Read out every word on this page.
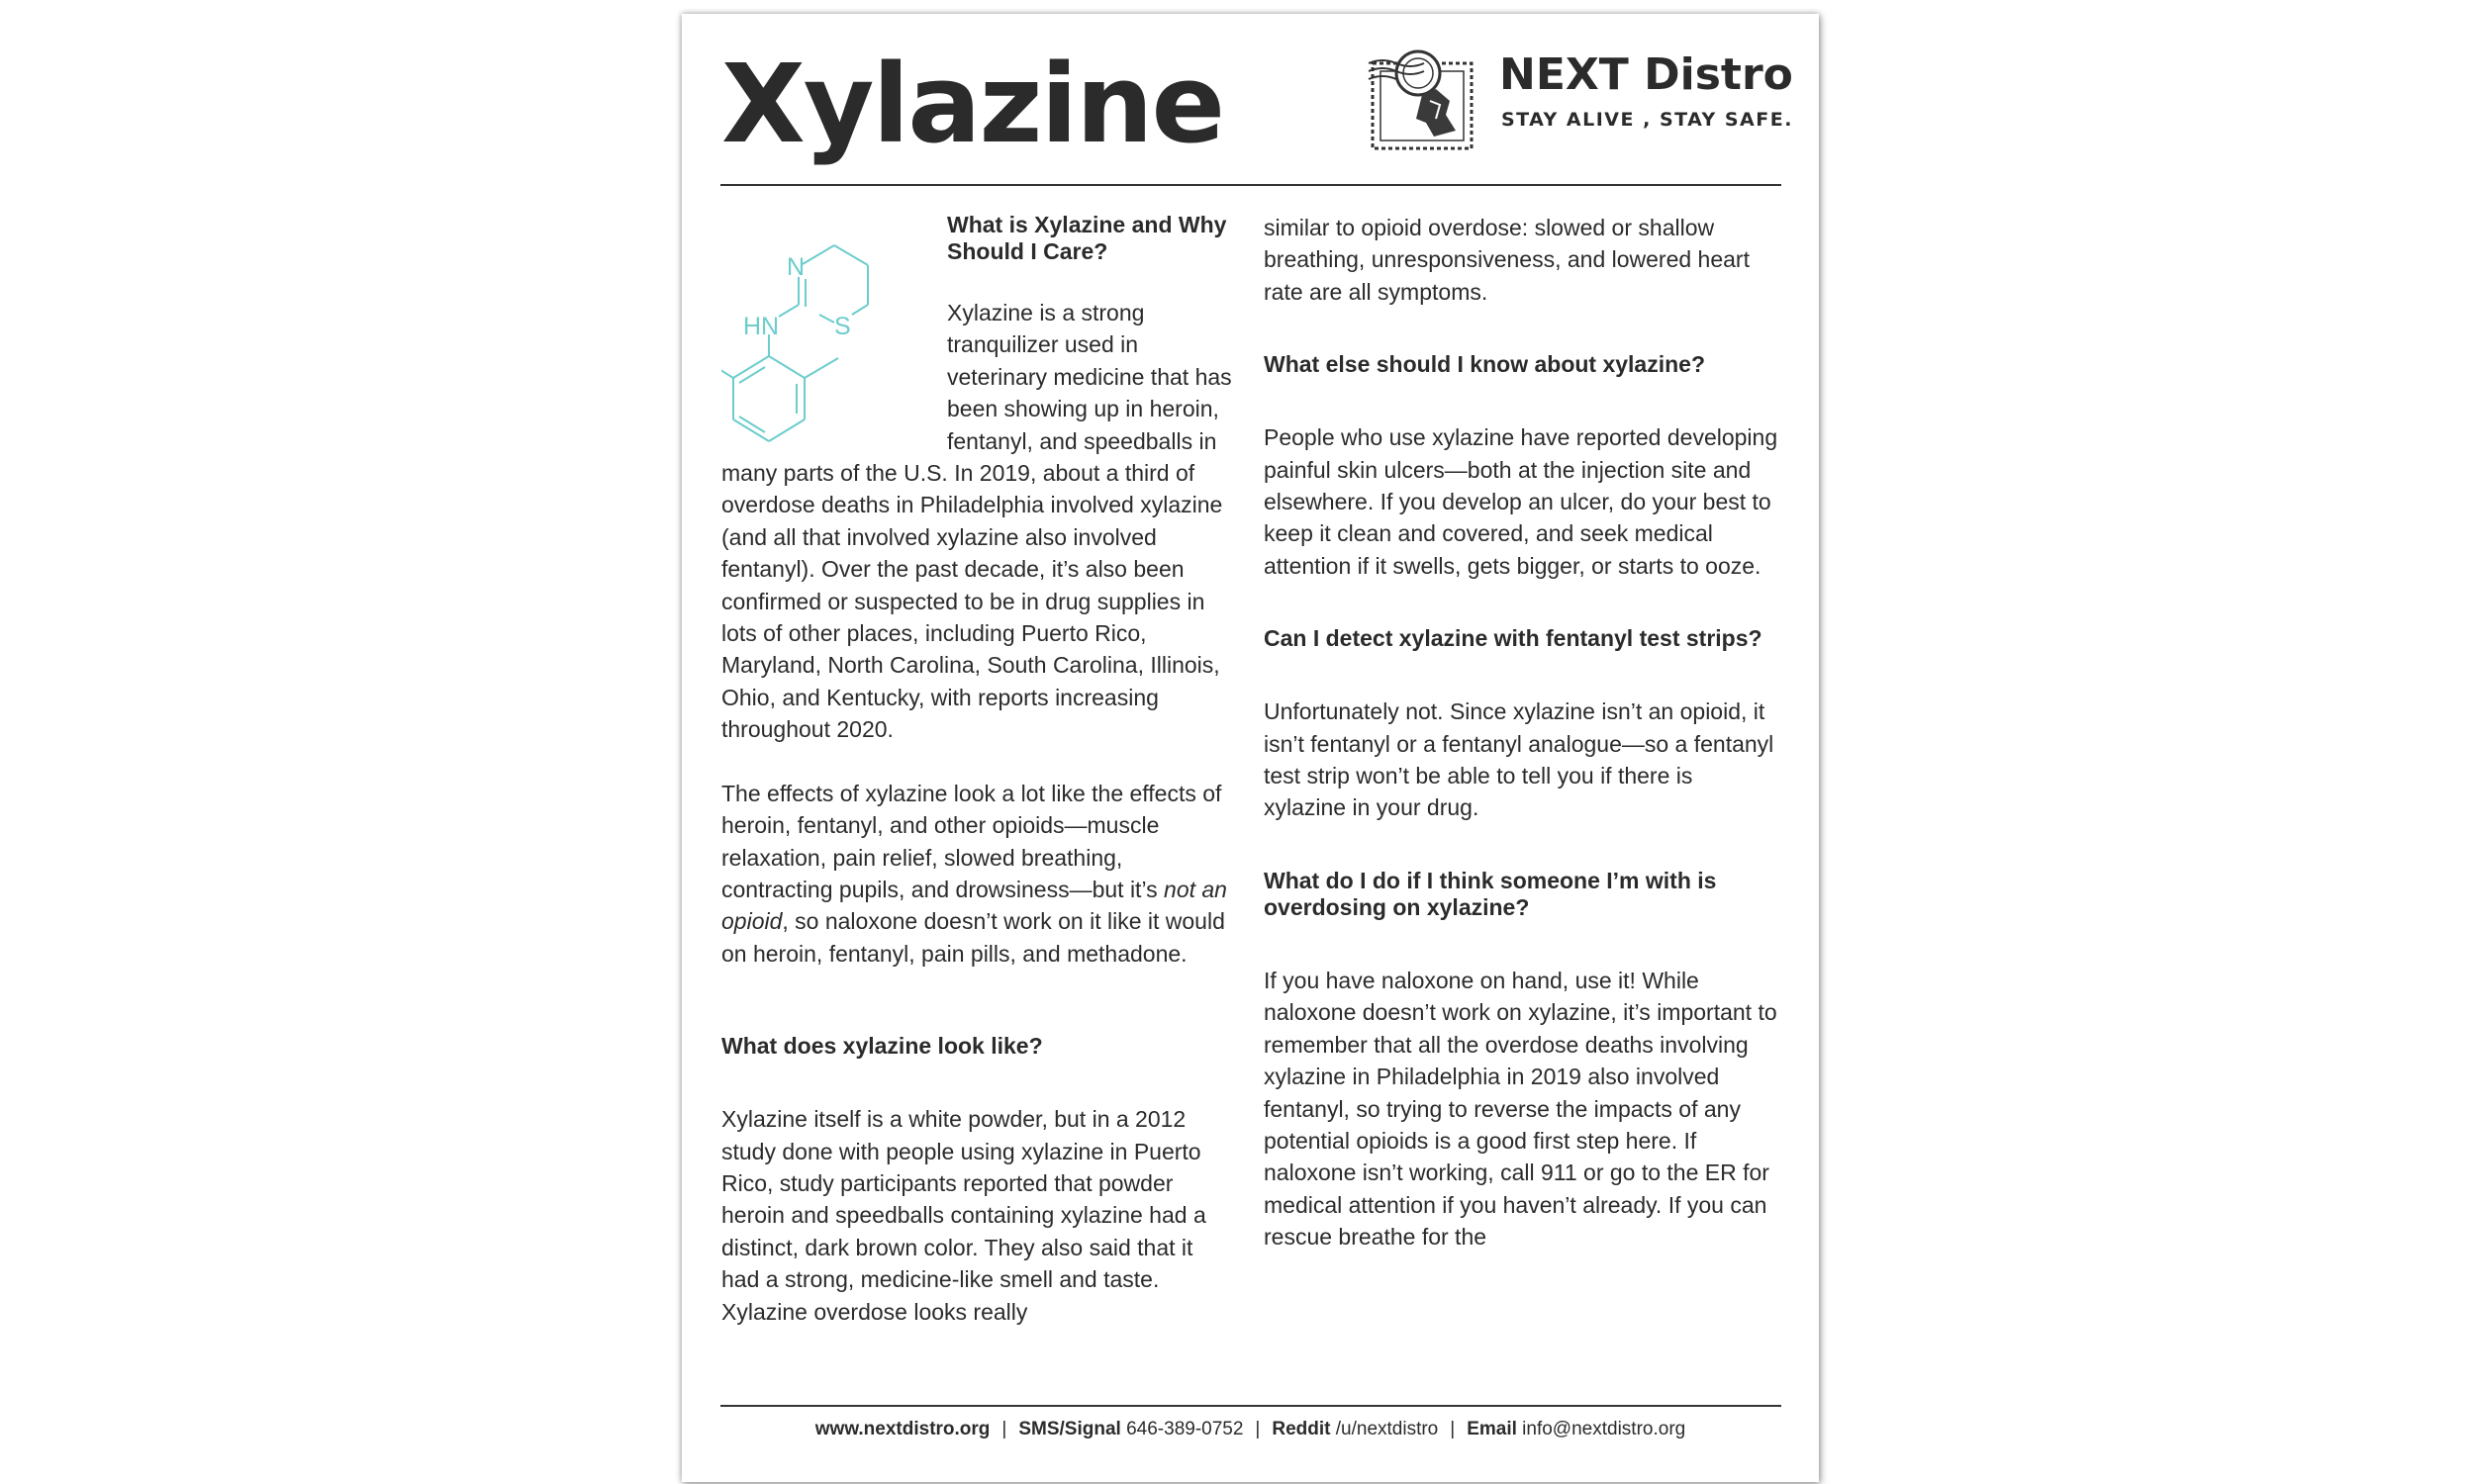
Xylazine	NEXT Distro

STAY ALIVE , STAY SAFE.

N
HN S
What is Xylazine and Why Should I Care?

Xylazine is a strong tranquilizer used in veterinary medicine that has been showing up in heroin, fentanyl, and speedballs in many parts of the U.S. In 2019, about a third of overdose deaths in Philadelphia involved xylazine (and all that involved xylazine also involved fentanyl). Over the past decade, it’s also been confirmed or suspected to be in drug supplies in lots of other places, including Puerto Rico, Maryland, North Carolina, South Carolina, Illinois, Ohio, and Kentucky, with reports increasing throughout 2020.

The effects of xylazine look a lot like the effects of heroin, fentanyl, and other opioids—muscle relaxation, pain relief, slowed breathing, contracting pupils, and drowsiness—but it’s not an opioid, so naloxone doesn’t work on it like it would on heroin, fentanyl, pain pills, and methadone.

What does xylazine look like?

Xylazine itself is a white powder, but in a 2012 study done with people using xylazine in Puerto Rico, study participants reported that powder heroin and speedballs containing xylazine had a distinct, dark brown color. They also said that it had a strong, medicine-like smell and taste. Xylazine overdose looks really

similar to opioid overdose: slowed or shallow breathing, unresponsiveness, and lowered heart rate are all symptoms.

What else should I know about xylazine?

People who use xylazine have reported developing painful skin ulcers—both at the injection site and elsewhere. If you develop an ulcer, do your best to keep it clean and covered, and seek medical attention if it swells, gets bigger, or starts to ooze.

Can I detect xylazine with fentanyl test strips?

Unfortunately not. Since xylazine isn’t an opioid, it isn’t fentanyl or a fentanyl analogue—so a fentanyl test strip won’t be able to tell you if there is xylazine in your drug.

What do I do if I think someone I’m with is overdosing on xylazine?

If you have naloxone on hand, use it! While naloxone doesn’t work on xylazine, it’s important to remember that all the overdose deaths involving xylazine in Philadelphia in 2019 also involved fentanyl, so trying to reverse the impacts of any potential opioids is a good first step here. If naloxone isn’t working, call 911 or go to the ER for medical attention if you haven’t already. If you can rescue breathe for the

www.nextdistro.org | SMS/Signal 646-389-0752 | Reddit /u/nextdistro | Email info@nextdistro.org
